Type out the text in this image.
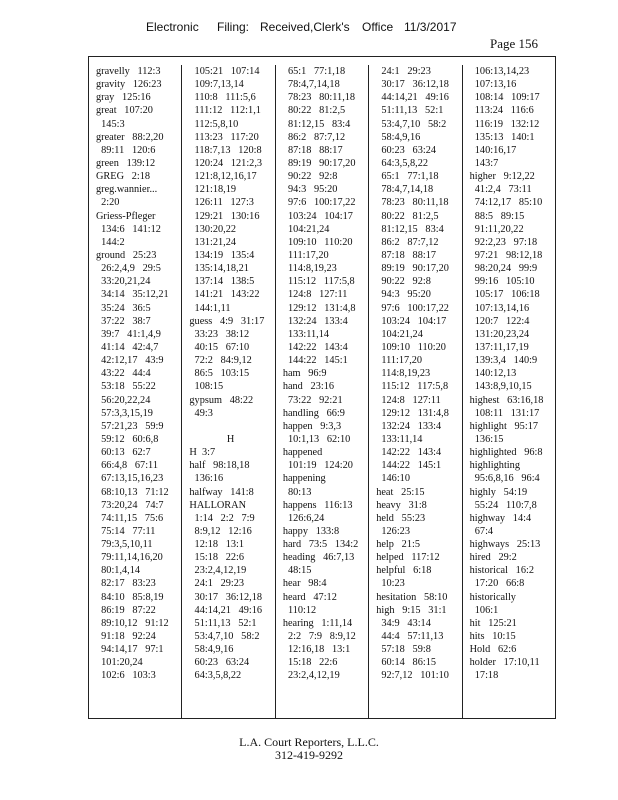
Electronic Filing: Received,Clerk's Office 11/3/2017
Page 156
gravelly   112:3
gravity   126:23
gray   125:16
great   107:20
145:3
greater   88:2,20
89:11   120:6
green   139:12
GREG   2:18
greg.wannier...
2:20
Griess-Pfleger
134:6   141:12
144:2
ground   25:23
26:2,4,9   29:5
33:20,21,24
34:14   35:12,21
35:24   36:5
37:22   38:7
39:7   41:1,4,9
41:14   42:4,7
42:12,17   43:9
43:22   44:4
53:18   55:22
56:20,22,24
57:3,3,15,19
57:21,23   59:9
59:12   60:6,8
60:13   62:7
66:4,8   67:11
67:13,15,16,23
68:10,13   71:12
73:20,24   74:7
74:11,15   75:6
75:14   77:11
79:3,5,10,11
79:11,14,16,20
80:1,4,14
82:17   83:23
84:10   85:8,19
86:19   87:22
89:10,12   91:12
91:18   92:24
94:14,17   97:1
101:20,24
102:6   103:3
105:21   107:14
109:7,13,14
110:8   111:5,6
111:12   112:1,1
112:5,8,10
113:23   117:20
118:7,13   120:8
120:24   121:2,3
121:8,12,16,17
121:18,19
126:11   127:3
129:21   130:16
130:20,22
131:21,24
134:19   135:4
135:14,18,21
137:14   138:5
141:21   143:22
144:1,11
guess   4:9   31:17
33:23   38:12
40:15   67:10
72:2   84:9,12
86:5   103:15
108:15
gypsum   48:22
49:3
H
H  3:7
half   98:18,18
136:16
halfway   141:8
HALLORAN
1:14   2:2   7:9
8:9,12   12:16
12:18   13:1
15:18   22:6
23:2,4,12,19
24:1   29:23
30:17   36:12,18
44:14,21   49:16
51:11,13   52:1
53:4,7,10   58:2
58:4,9,16
60:23   63:24
64:3,5,8,22
65:1   77:1,18
78:4,7,14,18
78:23   80:11,18
80:22   81:2,5
81:12,15   83:4
86:2   87:7,12
87:18   88:17
89:19   90:17,20
90:22   92:8
94:3   95:20
97:6   100:17,22
103:24   104:17
104:21,24
109:10   110:20
111:17,20
114:8,19,23
115:12   117:5,8
124:8   127:11
129:12   131:4,8
132:24   133:4
133:11,14
142:22   143:4
144:22   145:1
ham   96:9
hand   23:16
73:22   92:21
handling   66:9
happen   9:3,3
10:1,13   62:10
happened
101:19   124:20
happening
80:13
happens   116:13
126:6,24
happy   133:8
hard   73:5   134:2
heading   46:7,13
48:15
hear   98:4
heard   47:12
110:12
hearing   1:11,14
2:2   7:9   8:9,12
12:16,18   13:1
15:18   22:6
23:2,4,12,19
24:1   29:23
30:17   36:12,18
44:14,21   49:16
51:11,13   52:1
53:4,7,10   58:2
58:4,9,16
60:23   63:24
64:3,5,8,22
65:1   77:1,18
78:4,7,14,18
78:23   80:11,18
80:22   81:2,5
81:12,15   83:4
86:2   87:7,12
87:18   88:17
89:19   90:17,20
90:22   92:8
94:3   95:20
97:6   100:17,22
103:24   104:17
104:21,24
109:10   110:20
111:17,20
114:8,19,23
115:12   117:5,8
124:8   127:11
129:12   131:4,8
132:24   133:4
133:11,14
142:22   143:4
144:22   145:1
146:10
heat   25:15
heavy   31:8
held   55:23
126:23
help   21:5
helped   117:12
helpful   6:18
10:23
hesitation   58:10
high   9:15   31:1
34:9   43:14
44:4   57:11,13
57:18   59:8
60:14   86:15
92:7,12   101:10
106:13,14,23
107:13,16
108:14   109:17
113:24   116:6
116:19   132:12
135:13   140:1
140:16,17
143:7
higher   9:12,22
41:2,4   73:11
74:12,17   85:10
88:5   89:15
91:11,20,22
92:2,23   97:18
97:21   98:12,18
98:20,24   99:9
99:16   105:10
105:17   106:18
107:13,14,16
120:7   122:4
131:20,23,24
137:11,17,19
139:3,4   140:9
140:12,13
143:8,9,10,15
highest   63:16,18
108:11   131:17
highlight   95:17
136:15
highlighted   96:8
highlighting
95:6,8,16   96:4
highly   54:19
55:24   110:7,8
highway   14:4
67:4
highways   25:13
hired   29:2
historical   16:2
17:20   66:8
historically
106:1
hit   125:21
hits   10:15
Hold   62:6
holder   17:10,11
17:18
L.A. Court Reporters, L.L.C.
312-419-9292
